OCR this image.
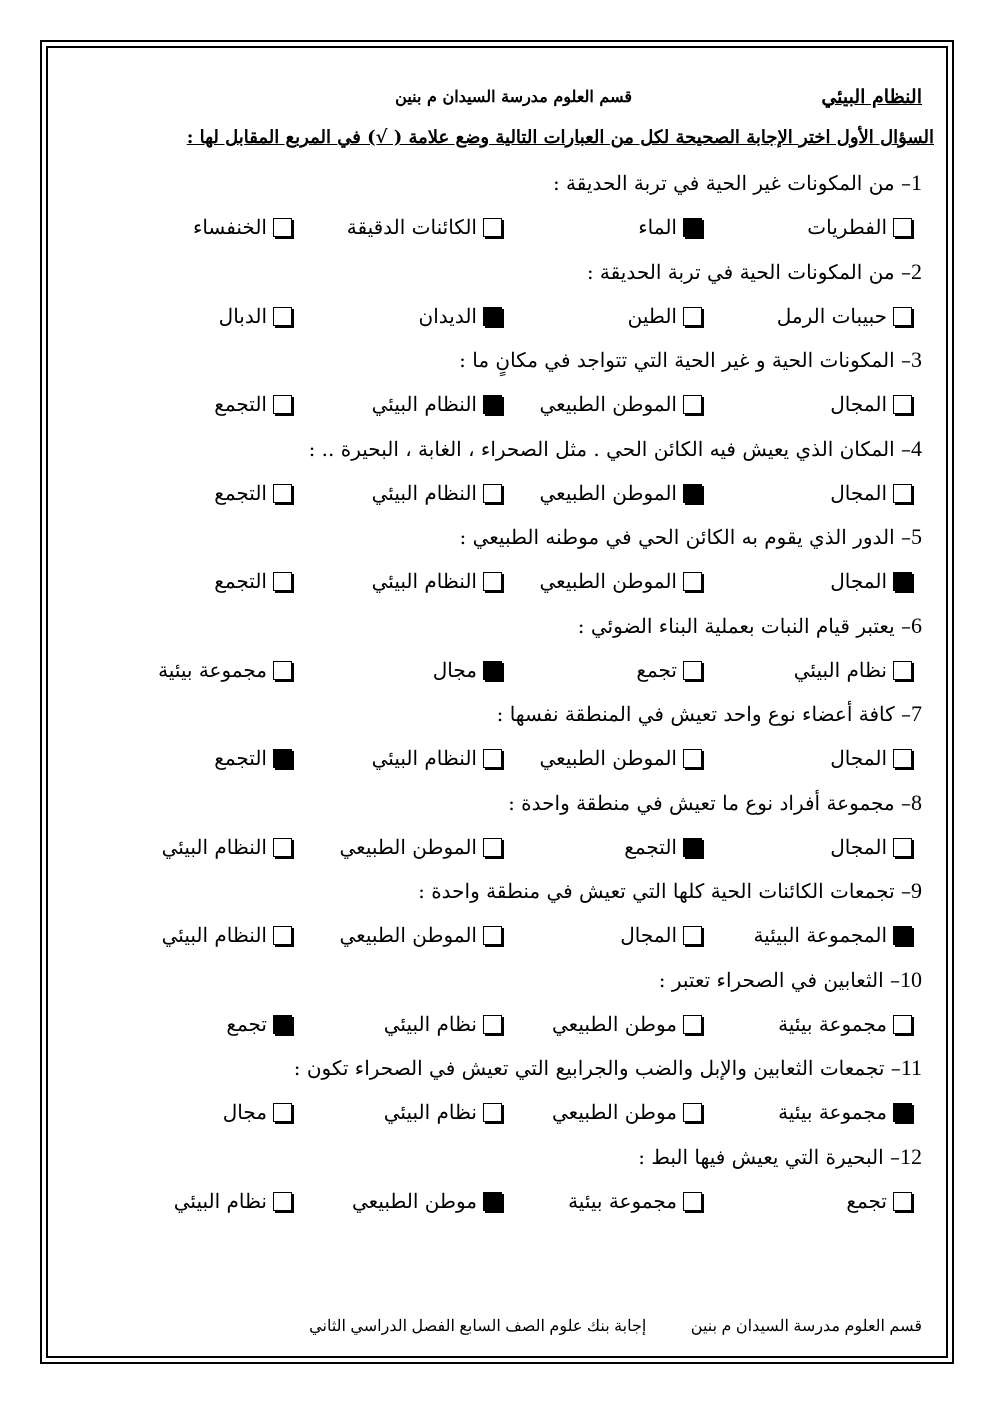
النظام البيئي
قسم العلوم مدرسة السيدان م بنين
السؤال الأول اختر الإجابة الصحيحة لكل من العبارات التالية وضع علامة ( √) في المربع المقابل لها :
1– من المكونات غير الحية في تربة الحديقة :
الفطريات
الماء
الكائنات الدقيقة
الخنفساء
2– من المكونات الحية في تربة الحديقة :
حبيبات الرمل
الطين
الديدان
الدبال
3– المكونات الحية و غير الحية التي تتواجد في مكانٍ ما :
المجال
الموطن الطبيعي
النظام البيئي
التجمع
4– المكان الذي يعيش فيه الكائن الحي . مثل الصحراء ، الغابة ، البحيرة .. :
المجال
الموطن الطبيعي
النظام البيئي
التجمع
5– الدور الذي يقوم به الكائن الحي في موطنه الطبيعي :
المجال
الموطن الطبيعي
النظام البيئي
التجمع
6– يعتبر قيام النبات بعملية البناء الضوئي :
نظام البيئي
تجمع
مجال
مجموعة بيئية
7– كافة أعضاء نوع واحد تعيش في المنطقة نفسها :
المجال
الموطن الطبيعي
النظام البيئي
التجمع
8– مجموعة أفراد نوع ما تعيش في منطقة واحدة :
المجال
التجمع
الموطن الطبيعي
النظام البيئي
9– تجمعات الكائنات الحية كلها التي تعيش في منطقة واحدة :
المجموعة البيئية
المجال
الموطن الطبيعي
النظام البيئي
10– الثعابين في الصحراء تعتبر :
مجموعة بيئية
موطن الطبيعي
نظام البيئي
تجمع
11– تجمعات الثعابين والإبل والضب والجرابيع التي تعيش في الصحراء تكون :
مجموعة بيئية
موطن الطبيعي
نظام البيئي
مجال
12– البحيرة التي يعيش فيها البط :
تجمع
مجموعة بيئية
موطن الطبيعي
نظام البيئي
قسم العلوم مدرسة السيدان م بنين إجابة بنك علوم الصف السابع الفصل الدراسي الثاني
